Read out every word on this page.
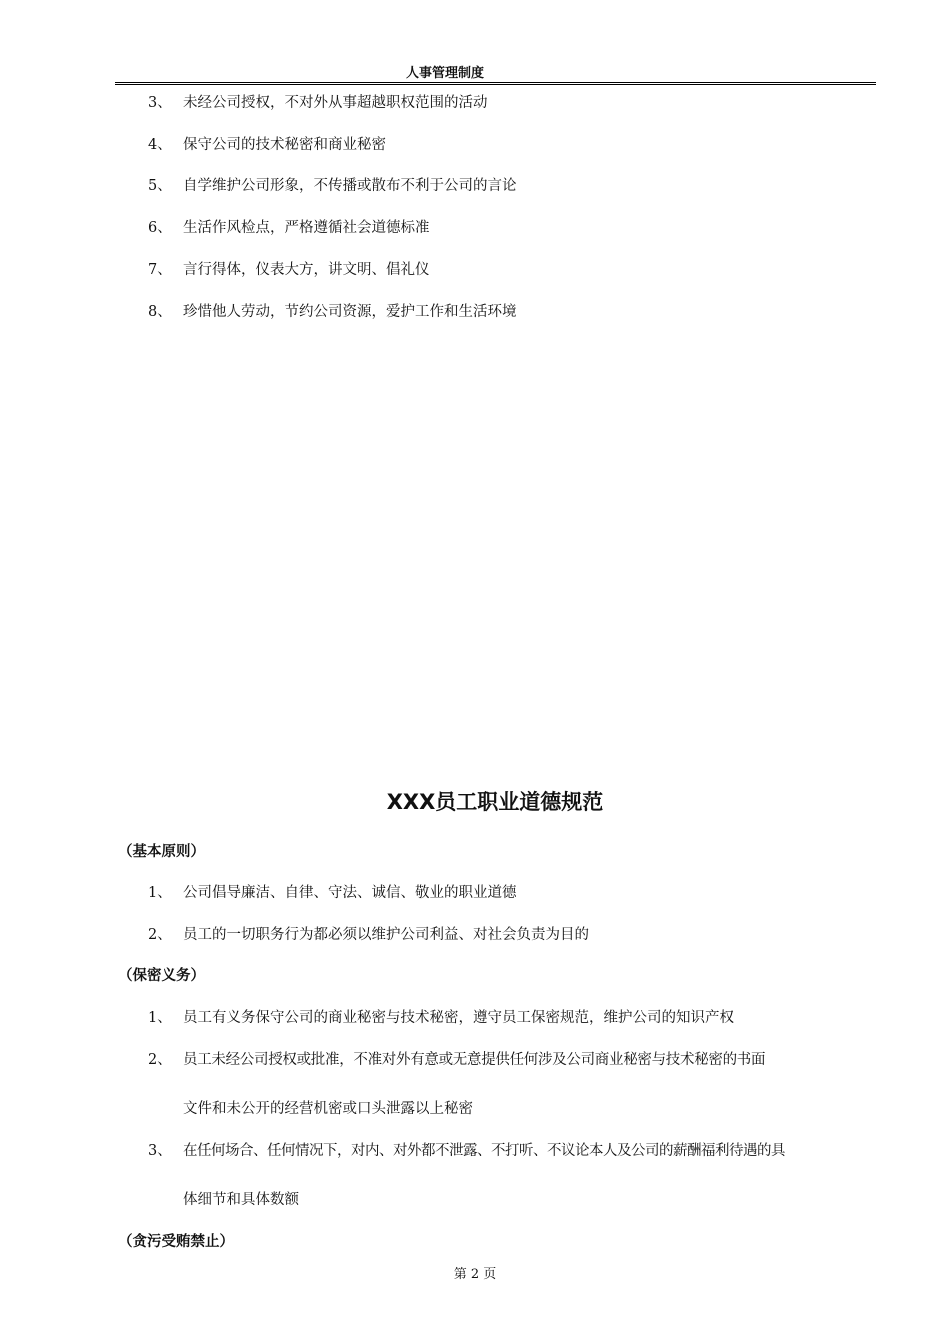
人事管理制度
3、 未经公司授权，不对外从事超越职权范围的活动
4、 保守公司的技术秘密和商业秘密
5、 自学维护公司形象，不传播或散布不利于公司的言论
6、 生活作风检点，严格遵循社会道德标准
7、 言行得体，仪表大方，讲文明、倡礼仪
8、 珍惜他人劳动，节约公司资源，爱护工作和生活环境
XXX员工职业道德规范
（基本原则）
1、 公司倡导廉洁、自律、守法、诚信、敬业的职业道德
2、 员工的一切职务行为都必须以维护公司利益、对社会负责为目的
（保密义务）
1、 员工有义务保守公司的商业秘密与技术秘密，遵守员工保密规范，维护公司的知识产权
2、 员工未经公司授权或批准，不准对外有意或无意提供任何涉及公司商业秘密与技术秘密的书面
文件和未公开的经营机密或口头泄露以上秘密
3、 在任何场合、任何情况下，对内、对外都不泄露、不打听、不议论本人及公司的薪酬福利待遇的具
体细节和具体数额
（贪污受贿禁止）
第 2 页
